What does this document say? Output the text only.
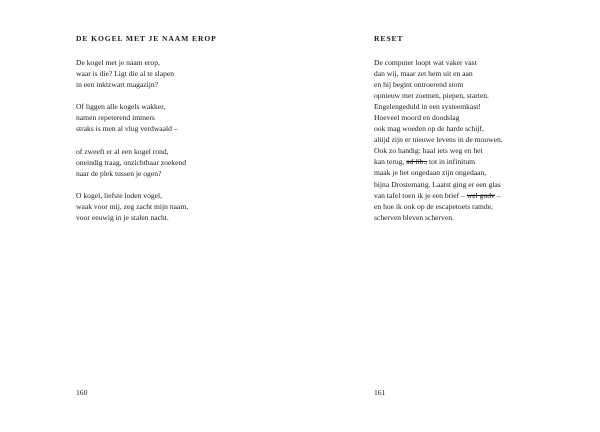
DE KOGEL MET JE NAAM EROP
De kogel met je naam erop,
waar is die? Ligt die al te slapen
in een inktzwart magazijn?
Of liggen alle kogels wakker,
namen repeterend immers
straks is men al vlug verdwaald –
of zweeft er al een kogel rond,
oneindig traag, onzichtbaar zoekend
naar de plek tussen je ogen?
O kogel, liefste loden vogel,
waak voor mij, zeg zacht mijn naam,
voor eeuwig in je stalen nacht.
160
RESET
De computer loopt wat vaker vast
dan wij, maar zet hem uit en aan
en hij begint ontroerend stom
opnieuw met zoemen, piepen, starten.
Engelengeduld in een systeemkast!
Hoeveel moord en doodslag
ook mag woeden op de harde schijf,
altijd zijn er nieuwe levens in de mouwen.
Ook zo handig: haal iets weg en het
kan terug, ad lib., tot in infinitum
maak je het ongedaan zijn ongedaan,
bijna Drostematig. Laatst ging er een glas
van tafel toen ik je een brief – wel godv –
en hoe ik ook op de escapetoets ramde,
scherven bleven scherven.
161
